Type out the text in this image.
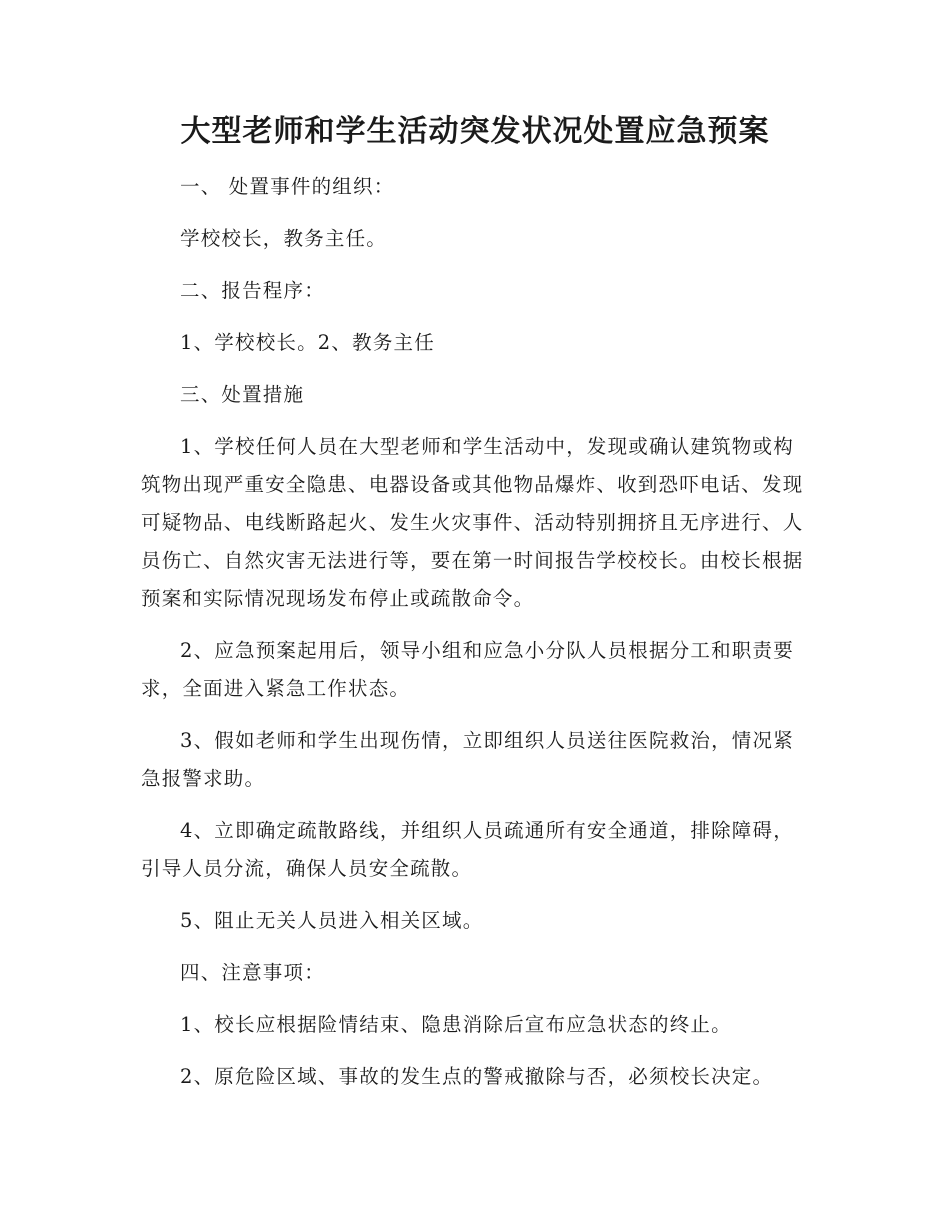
大型老师和学生活动突发状况处置应急预案

一、 处置事件的组织：

学校校长，教务主任。

二、报告程序：

1、学校校长。2、教务主任

三、处置措施

1、学校任何人员在大型老师和学生活动中，发现或确认建筑物或构筑物出现严重安全隐患、电器设备或其他物品爆炸、收到恐吓电话、发现可疑物品、电线断路起火、发生火灾事件、活动特别拥挤且无序进行、人员伤亡、自然灾害无法进行等，要在第一时间报告学校校长。由校长根据预案和实际情况现场发布停止或疏散命令。

2、应急预案起用后，领导小组和应急小分队人员根据分工和职责要求，全面进入紧急工作状态。

3、假如老师和学生出现伤情，立即组织人员送往医院救治，情况紧急报警求助。

4、立即确定疏散路线，并组织人员疏通所有安全通道，排除障碍，引导人员分流，确保人员安全疏散。

5、阻止无关人员进入相关区域。

四、注意事项：

1、校长应根据险情结束、隐患消除后宣布应急状态的终止。

2、原危险区域、事故的发生点的警戒撤除与否，必须校长决定。
